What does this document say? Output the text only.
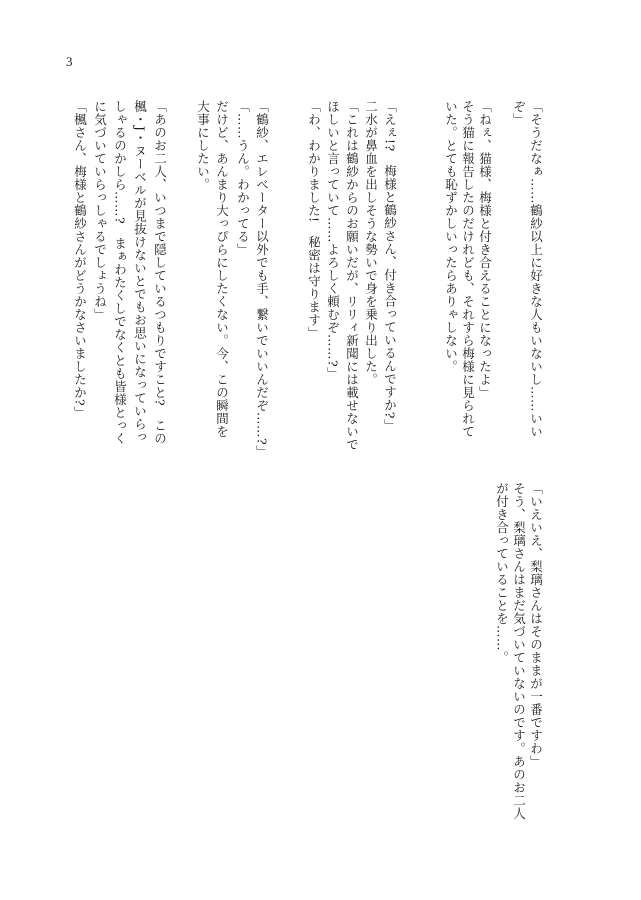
3
「そうだなぁ……鶴紗以上に好きな人もいないし……いい
ぞ」
「ねぇ、猫様、梅様と付き合えることになったよ」
そう猫に報告したのだけれども、それすら梅様に見られて
いた。とても恥ずかしいったらありゃしない。
「えぇ!?　梅様と鶴紗さん、付き合っているんですか?」
二水が鼻血を出しそうな勢いで身を乗り出した。
「これは鶴紗からのお願いだが、リリィ新聞には載せないで
ほしいと言っていて……よろしく頼むぞ……?」
「わ、わかりました!　秘密は守ります」
「鶴紗、エレベーター以外でも手、繋いでいいんだぞ……?」
「……うん。わかってる」
だけど、あんまり大っぴらにしたくない。今、この瞬間を
大事にしたい。
「あのお二人、いつまで隠しているつもりですこと?　この
楓・J・ヌーベルが見抜けないとでもお思いになっていらっ
しゃるのかしら……?　まぁわたくしでなくとも皆様とっく
に気づいていらっしゃるでしょうね」
「楓さん、梅様と鶴紗さんがどうかなさいましたか?」
「いえいえ、梨璃さんはそのままが一番ですわ」
そう、梨璃さんはまだ気づいていないのです。あのお二人
が付き合っていることを……。
